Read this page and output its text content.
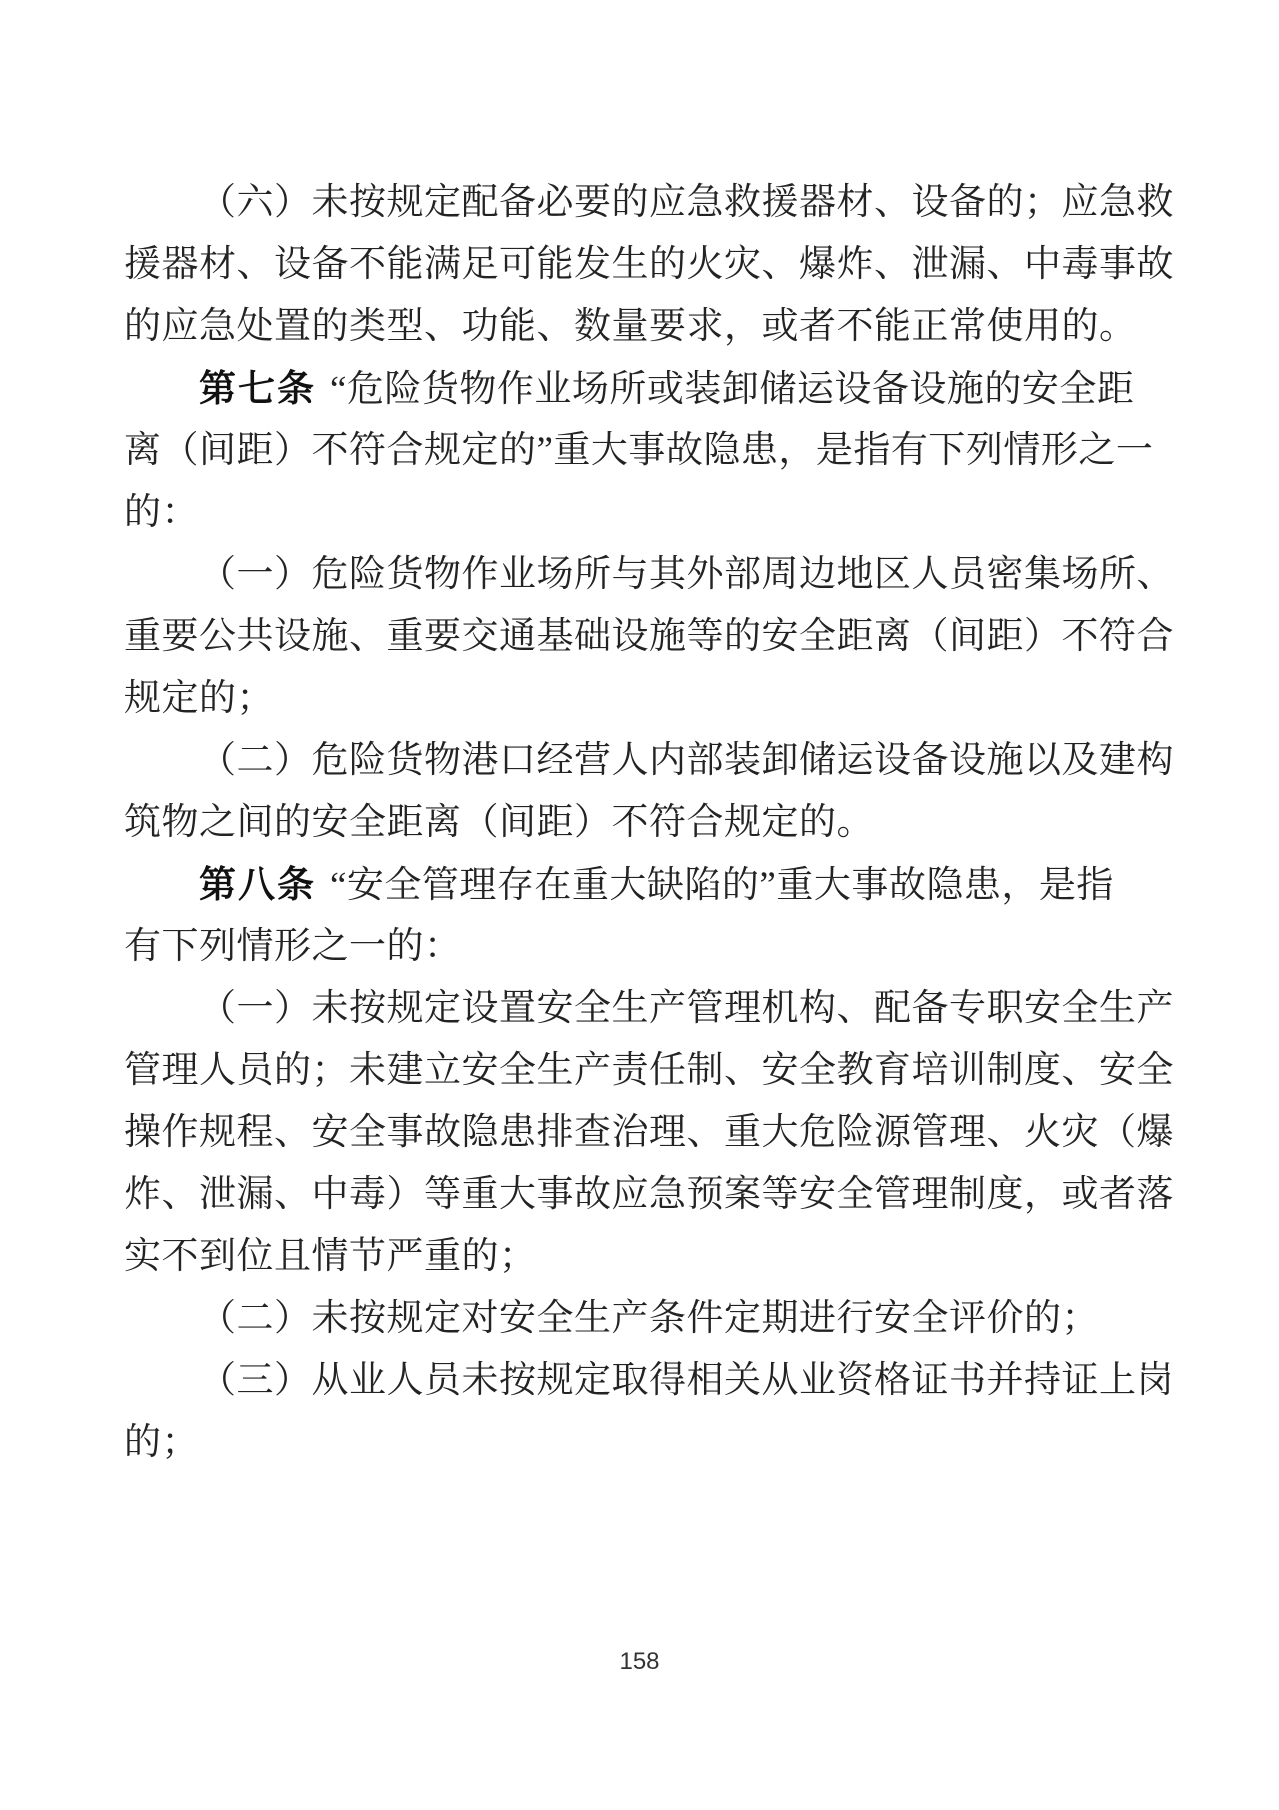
（六）未按规定配备必要的应急救援器材、设备的；应急救
援器材、设备不能满足可能发生的火灾、爆炸、泄漏、中毒事故
的应急处置的类型、功能、数量要求，或者不能正常使用的。
第七条 “危险货物作业场所或装卸储运设备设施的安全距
离（间距）不符合规定的”重大事故隐患，是指有下列情形之一
的：
（一）危险货物作业场所与其外部周边地区人员密集场所、
重要公共设施、重要交通基础设施等的安全距离（间距）不符合
规定的；
（二）危险货物港口经营人内部装卸储运设备设施以及建构
筑物之间的安全距离（间距）不符合规定的。
第八条 “安全管理存在重大缺陷的”重大事故隐患，是指
有下列情形之一的：
（一）未按规定设置安全生产管理机构、配备专职安全生产
管理人员的；未建立安全生产责任制、安全教育培训制度、安全
操作规程、安全事故隐患排查治理、重大危险源管理、火灾（爆
炸、泄漏、中毒）等重大事故应急预案等安全管理制度，或者落
实不到位且情节严重的；
（二）未按规定对安全生产条件定期进行安全评价的；
（三）从业人员未按规定取得相关从业资格证书并持证上岗
的；
158
